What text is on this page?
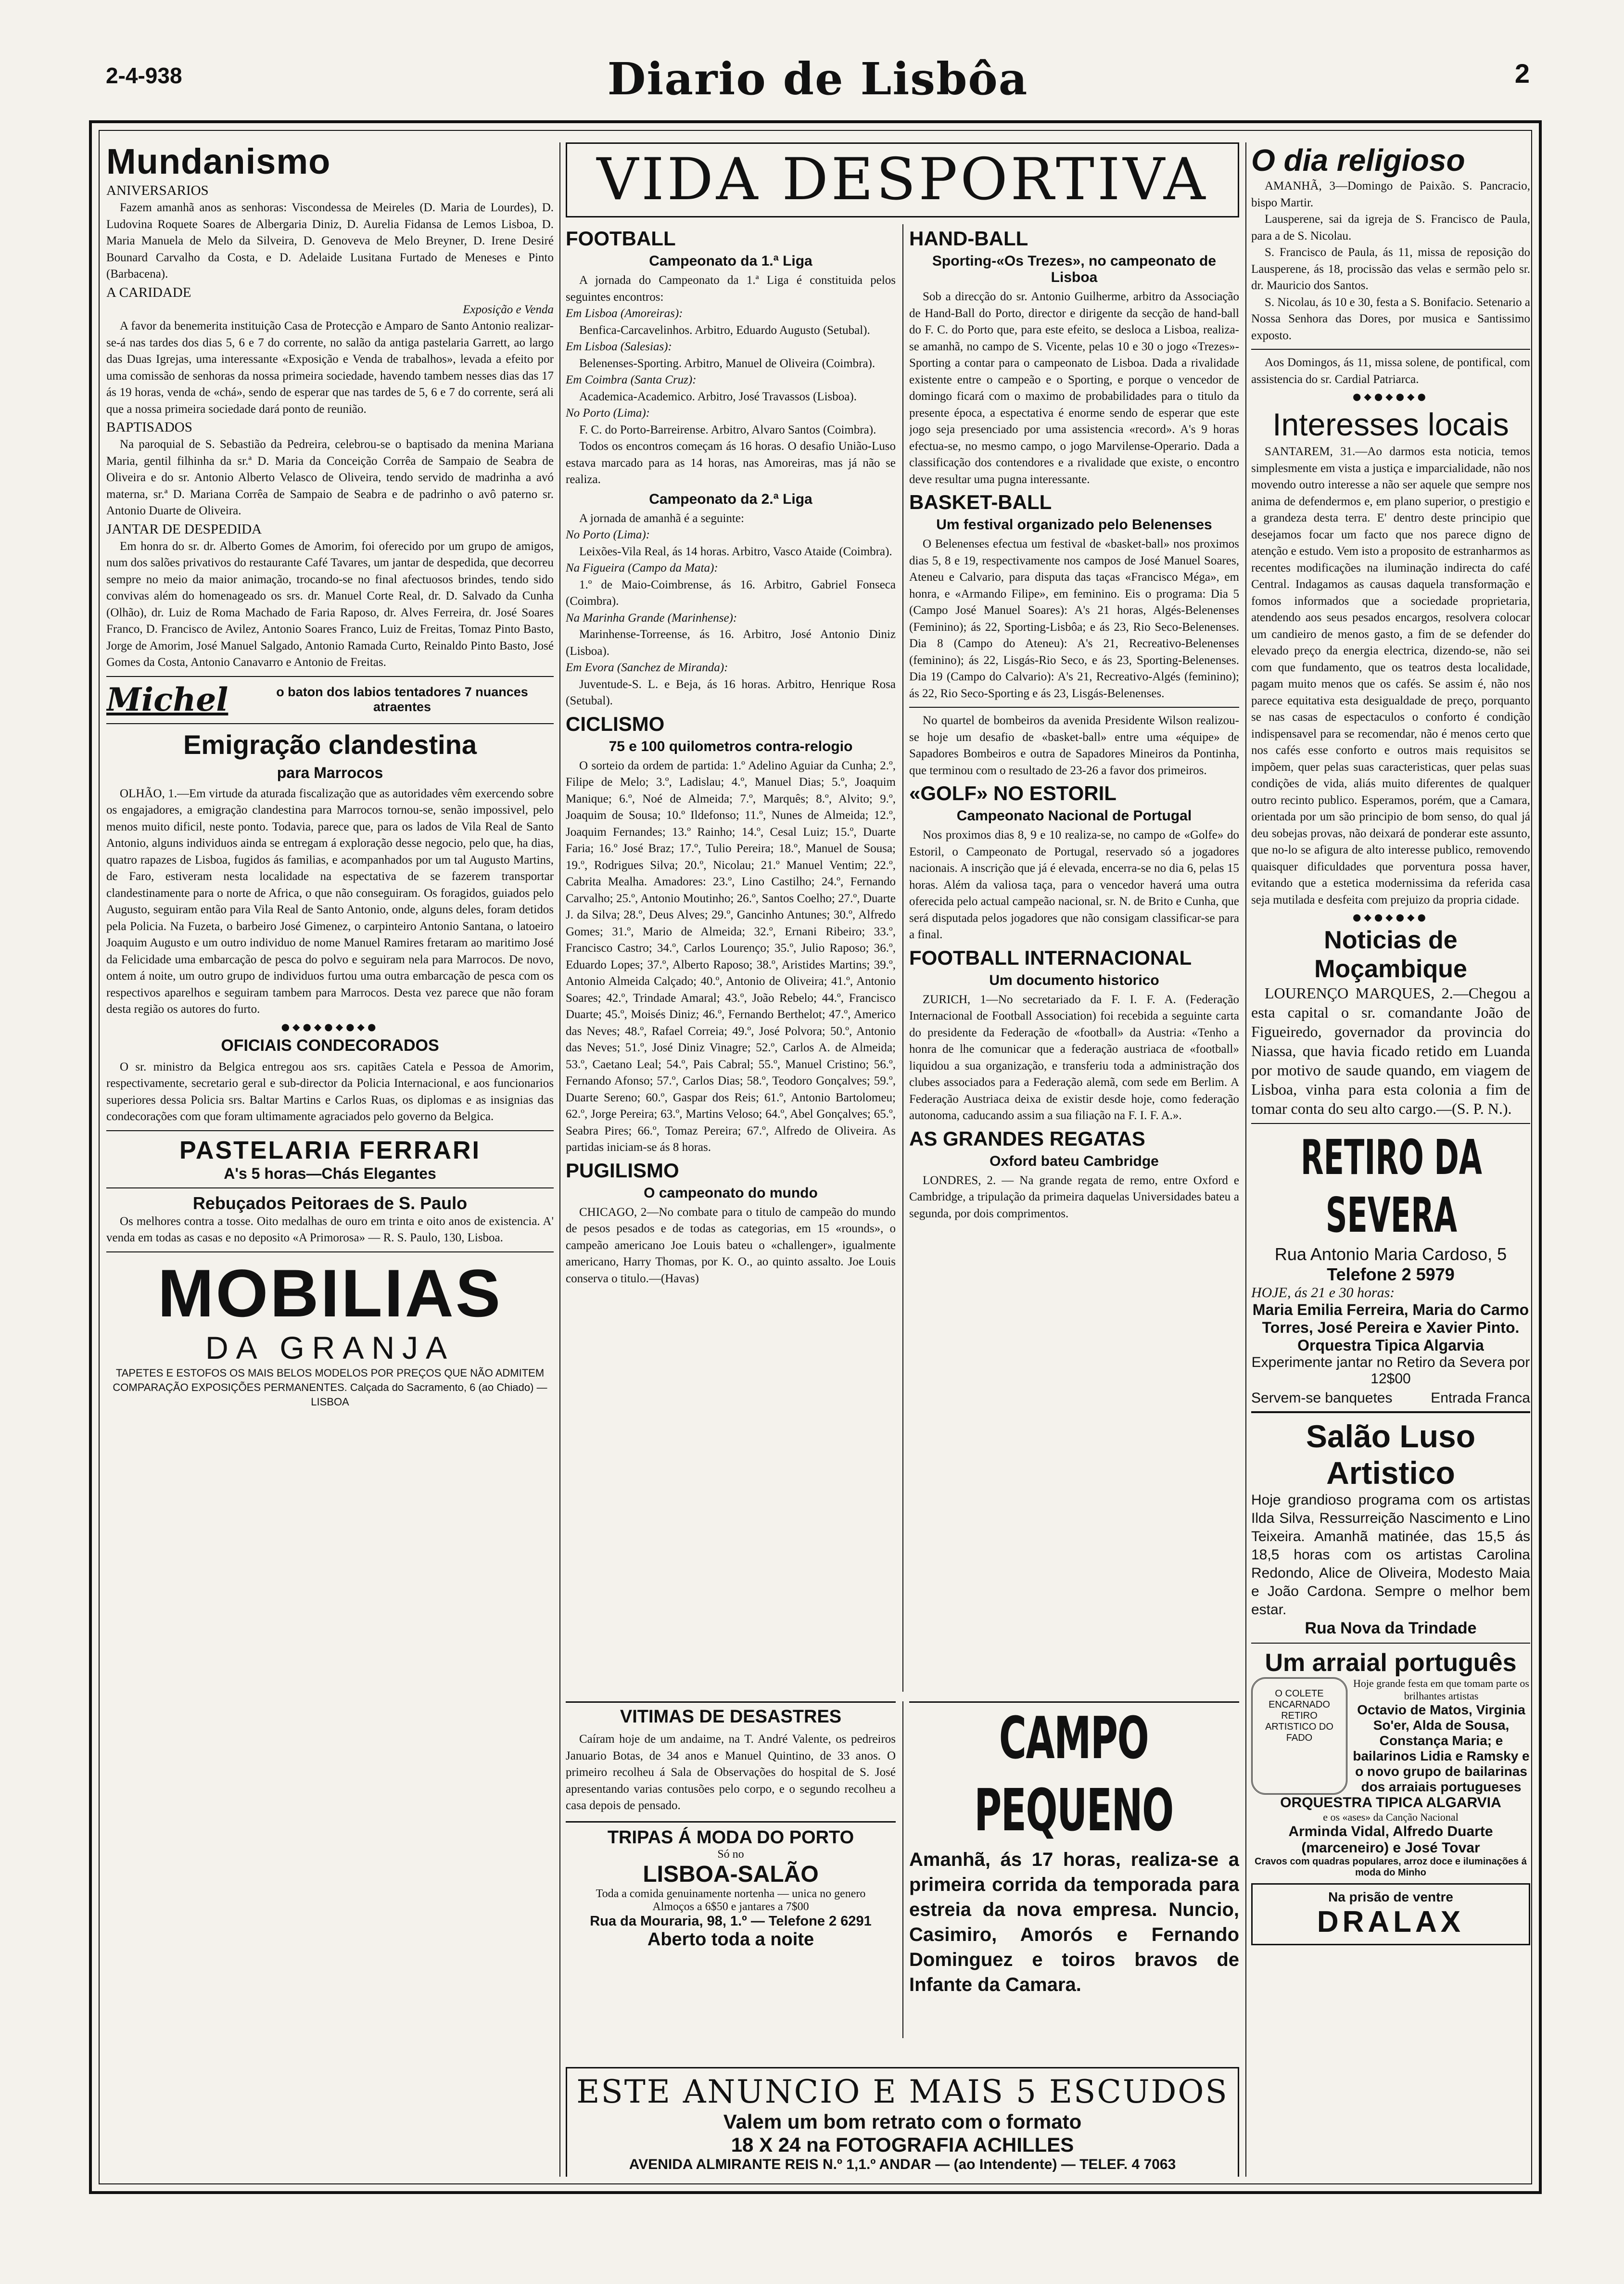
2-4-938	Diario de Lisbôa	2
Mundanismo
ANIVERSARIOS

Fazem amanhã anos as senhoras: Viscondessa de Meireles (D. Maria de Lourdes), D. Ludovina Roquete Soares de Albergaria Diniz, D. Aurelia Fidansa de Lemos Lisboa, D. Maria Manuela de Melo da Silveira, D. Genoveva de Melo Breyner, D. Irene Desiré Bounard Carvalho da Costa, e D. Adelaide Lusitana Furtado de Meneses e Pinto (Barbacena).

A CARIDADE
Exposição e Venda

A favor da benemerita instituição Casa de Protecção e Amparo de Santo Antonio realizar-se-á nas tardes dos dias 5, 6 e 7 do corrente, no salão da antiga pastelaria Garrett, ao largo das Duas Igrejas, uma interessante «Exposição e Venda de trabalhos», levada a efeito por uma comissão de senhoras da nossa primeira sociedade, havendo tambem nesses dias das 17 ás 19 horas, venda de «chá», sendo de esperar que nas tardes de 5, 6 e 7 do corrente, será ali que a nossa primeira sociedade dará ponto de reunião.

BAPTISADOS

Na paroquial de S. Sebastião da Pedreira, celebrou-se o baptisado da menina Mariana Maria, gentil filhinha da sr.ª D. Maria da Conceição Corrêa de Sampaio de Seabra de Oliveira e do sr. Antonio Alberto Velasco de Oliveira, tendo servido de madrinha a avó materna, sr.ª D. Mariana Corrêa de Sampaio de Seabra e de padrinho o avô paterno sr. Antonio Duarte de Oliveira.

JANTAR DE DESPEDIDA

Em honra do sr. dr. Alberto Gomes de Amorim, foi oferecido por um grupo de amigos, num dos salões privativos do restaurante Café Tavares, um jantar de despedida, que decorreu sempre no meio da maior animação, trocando-se no final afectuosos brindes, tendo sido convivas além do homenageado os srs. dr. Manuel Corte Real, dr. D. Salvado da Cunha (Olhão), dr. Luiz de Roma Machado de Faria Raposo, dr. Alves Ferreira, dr. José Soares Franco, D. Francisco de Avilez, Antonio Soares Franco, Luiz de Freitas, Tomaz Pinto Basto, Jorge de Amorim, José Manuel Salgado, Antonio Ramada Curto, Reinaldo Pinto Basto, José Gomes da Costa, Antonio Canavarro e Antonio de Freitas.

Michel	o baton dos labios tentadores 7 nuances atraentes
Emigração clandestina
para Marrocos

OLHÃO, 1.—Em virtude da aturada fiscalização que as autoridades vêm exercendo sobre os engajadores, a emigração clandestina para Marrocos tornou-se, senão impossivel, pelo menos muito dificil, neste ponto. Todavia, parece que, para os lados de Vila Real de Santo Antonio, alguns individuos ainda se entregam á exploração desse negocio, pelo que, ha dias, quatro rapazes de Lisboa, fugidos ás familias, e acompanhados por um tal Augusto Martins, de Faro, estiveram nesta localidade na espectativa de se fazerem transportar clandestinamente para o norte de Africa, o que não conseguiram. Os foragidos, guiados pelo Augusto, seguiram então para Vila Real de Santo Antonio, onde, alguns deles, foram detidos pela Policia. Na Fuzeta, o barbeiro José Gimenez, o carpinteiro Antonio Santana, o latoeiro Joaquim Augusto e um outro individuo de nome Manuel Ramires fretaram ao maritimo José da Felicidade uma embarcação de pesca do polvo e seguiram nela para Marrocos. De novo, ontem á noite, um outro grupo de individuos furtou uma outra embarcação de pesca com os respectivos aparelhos e seguiram tambem para Marrocos. Desta vez parece que não foram desta região os autores do furto.

●◆●◆●◆●◆●
OFICIAIS CONDECORADOS

O sr. ministro da Belgica entregou aos srs. capitães Catela e Pessoa de Amorim, respectivamente, secretario geral e sub-director da Policia Internacional, e aos funcionarios superiores dessa Policia srs. Baltar Martins e Carlos Ruas, os diplomas e as insignias das condecorações com que foram ultimamente agraciados pelo governo da Belgica.

PASTELARIA FERRARI
A's 5 horas—Chás Elegantes
Rebuçados Peitoraes de S. Paulo

Os melhores contra a tosse. Oito medalhas de ouro em trinta e oito anos de existencia. A' venda em todas as casas e no deposito «A Primorosa» — R. S. Paulo, 130, Lisboa.

MOBILIAS
DA GRANJA
TAPETES E ESTOFOS OS MAIS BELOS MODELOS POR PREÇOS QUE NÃO ADMITEM COMPARAÇÃO EXPOSIÇÕES PERMANENTES. Calçada do Sacramento, 6 (ao Chiado) — LISBOA
VIDA DESPORTIVA
FOOTBALL
Campeonato da 1.ª Liga

A jornada do Campeonato da 1.ª Liga é constituida pelos seguintes encontros:

Em Lisboa (Amoreiras):

Benfica-Carcavelinhos. Arbitro, Eduardo Augusto (Setubal).

Em Lisboa (Salesias):

Belenenses-Sporting. Arbitro, Manuel de Oliveira (Coimbra).

Em Coimbra (Santa Cruz):

Academica-Academico. Arbitro, José Travassos (Lisboa).

No Porto (Lima):

F. C. do Porto-Barreirense. Arbitro, Alvaro Santos (Coimbra).

Todos os encontros começam ás 16 horas. O desafio União-Luso estava marcado para as 14 horas, nas Amoreiras, mas já não se realiza.

Campeonato da 2.ª Liga

A jornada de amanhã é a seguinte:

No Porto (Lima):

Leixões-Vila Real, ás 14 horas. Arbitro, Vasco Ataide (Coimbra).

Na Figueira (Campo da Mata):

1.º de Maio-Coimbrense, ás 16. Arbitro, Gabriel Fonseca (Coimbra).

Na Marinha Grande (Marinhense):

Marinhense-Torreense, ás 16. Arbitro, José Antonio Diniz (Lisboa).

Em Evora (Sanchez de Miranda):

Juventude-S. L. e Beja, ás 16 horas. Arbitro, Henrique Rosa (Setubal).

CICLISMO
75 e 100 quilometros contra-relogio

O sorteio da ordem de partida: 1.º Adelino Aguiar da Cunha; 2.º, Filipe de Melo; 3.º, Ladislau; 4.º, Manuel Dias; 5.º, Joaquim Manique; 6.º, Noé de Almeida; 7.º, Marquês; 8.º, Alvito; 9.º, Joaquim de Sousa; 10.º Ildefonso; 11.º, Nunes de Almeida; 12.º, Joaquim Fernandes; 13.º Rainho; 14.º, Cesal Luiz; 15.º, Duarte Faria; 16.º José Braz; 17.º, Tulio Pereira; 18.º, Manuel de Sousa; 19.º, Rodrigues Silva; 20.º, Nicolau; 21.º Manuel Ventim; 22.º, Cabrita Mealha. Amadores: 23.º, Lino Castilho; 24.º, Fernando Carvalho; 25.º, Antonio Moutinho; 26.º, Santos Coelho; 27.º, Duarte J. da Silva; 28.º, Deus Alves; 29.º, Gancinho Antunes; 30.º, Alfredo Gomes; 31.º, Mario de Almeida; 32.º, Ernani Ribeiro; 33.º, Francisco Castro; 34.º, Carlos Lourenço; 35.º, Julio Raposo; 36.º, Eduardo Lopes; 37.º, Alberto Raposo; 38.º, Aristides Martins; 39.º, Antonio Almeida Calçado; 40.º, Antonio de Oliveira; 41.º, Antonio Soares; 42.º, Trindade Amaral; 43.º, João Rebelo; 44.º, Francisco Duarte; 45.º, Moisés Diniz; 46.º, Fernando Berthelot; 47.º, Americo das Neves; 48.º, Rafael Correia; 49.º, José Polvora; 50.º, Antonio das Neves; 51.º, José Diniz Vinagre; 52.º, Carlos A. de Almeida; 53.º, Caetano Leal; 54.º, Pais Cabral; 55.º, Manuel Cristino; 56.º, Fernando Afonso; 57.º, Carlos Dias; 58.º, Teodoro Gonçalves; 59.º, Duarte Sereno; 60.º, Gaspar dos Reis; 61.º, Antonio Bartolomeu; 62.º, Jorge Pereira; 63.º, Martins Veloso; 64.º, Abel Gonçalves; 65.º, Seabra Pires; 66.º, Tomaz Pereira; 67.º, Alfredo de Oliveira. As partidas iniciam-se ás 8 horas.

PUGILISMO
O campeonato do mundo

CHICAGO, 2—No combate para o titulo de campeão do mundo de pesos pesados e de todas as categorias, em 15 «rounds», o campeão americano Joe Louis bateu o «challenger», igualmente americano, Harry Thomas, por K. O., ao quinto assalto. Joe Louis conserva o titulo.—(Havas)

HAND-BALL
Sporting-«Os Trezes», no campeonato de Lisboa

Sob a direcção do sr. Antonio Guilherme, arbitro da Associação de Hand-Ball do Porto, director e dirigente da secção de hand-ball do F. C. do Porto que, para este efeito, se desloca a Lisboa, realiza-se amanhã, no campo de S. Vicente, pelas 10 e 30 o jogo «Trezes»-Sporting a contar para o campeonato de Lisboa. Dada a rivalidade existente entre o campeão e o Sporting, e porque o vencedor de domingo ficará com o maximo de probabilidades para o titulo da presente época, a espectativa é enorme sendo de esperar que este jogo seja presenciado por uma assistencia «record». A's 9 horas efectua-se, no mesmo campo, o jogo Marvilense-Operario. Dada a classificação dos contendores e a rivalidade que existe, o encontro deve resultar uma pugna interessante.

BASKET-BALL
Um festival organizado pelo Belenenses

O Belenenses efectua um festival de «basket-ball» nos proximos dias 5, 8 e 19, respectivamente nos campos de José Manuel Soares, Ateneu e Calvario, para disputa das taças «Francisco Méga», em honra, e «Armando Filipe», em feminino. Eis o programa: Dia 5 (Campo José Manuel Soares): A's 21 horas, Algés-Belenenses (Feminino); ás 22, Sporting-Lisbôa; e ás 23, Rio Seco-Belenenses. Dia 8 (Campo do Ateneu): A's 21, Recreativo-Belenenses (feminino); ás 22, Lisgás-Rio Seco, e ás 23, Sporting-Belenenses. Dia 19 (Campo do Calvario): A's 21, Recreativo-Algés (feminino); ás 22, Rio Seco-Sporting e ás 23, Lisgás-Belenenses.

No quartel de bombeiros da avenida Presidente Wilson realizou-se hoje um desafio de «basket-ball» entre uma «équipe» de Sapadores Bombeiros e outra de Sapadores Mineiros da Pontinha, que terminou com o resultado de 23-26 a favor dos primeiros.

«GOLF» NO ESTORIL
Campeonato Nacional de Portugal

Nos proximos dias 8, 9 e 10 realiza-se, no campo de «Golfe» do Estoril, o Campeonato de Portugal, reservado só a jogadores nacionais. A inscrição que já é elevada, encerra-se no dia 6, pelas 15 horas. Além da valiosa taça, para o vencedor haverá uma outra oferecida pelo actual campeão nacional, sr. N. de Brito e Cunha, que será disputada pelos jogadores que não consigam classificar-se para a final.

FOOTBALL INTERNACIONAL
Um documento historico

ZURICH, 1—No secretariado da F. I. F. A. (Federação Internacional de Football Association) foi recebida a seguinte carta do presidente da Federação de «football» da Austria: «Tenho a honra de lhe comunicar que a federação austriaca de «football» liquidou a sua organização, e transferiu toda a administração dos clubes associados para a Federação alemã, com sede em Berlim. A Federação Austriaca deixa de existir desde hoje, como federação autonoma, caducando assim a sua filiação na F. I. F. A.».

AS GRANDES REGATAS
Oxford bateu Cambridge

LONDRES, 2. — Na grande regata de remo, entre Oxford e Cambridge, a tripulação da primeira daquelas Universidades bateu a segunda, por dois comprimentos.

VITIMAS DE DESASTRES

Caíram hoje de um andaime, na T. André Valente, os pedreiros Januario Botas, de 34 anos e Manuel Quintino, de 33 anos. O primeiro recolheu á Sala de Observações do hospital de S. José apresentando varias contusões pelo corpo, e o segundo recolheu a casa depois de pensado.

TRIPAS Á MODA DO PORTO
Só no
LISBOA-SALÃO
Toda a comida genuinamente nortenha — unica no genero
Almoços a 6$50 e jantares a 7$00
Rua da Mouraria, 98, 1.º — Telefone 2 6291
Aberto toda a noite
CAMPO PEQUENO
Amanhã, ás 17 horas, realiza-se a primeira corrida da temporada para estreia da nova empresa. Nuncio, Casimiro, Amorós e Fernando Dominguez e toiros bravos de Infante da Camara.
ESTE ANUNCIO E MAIS 5 ESCUDOS
Valem um bom retrato com o formato
18 X 24 na FOTOGRAFIA ACHILLES
AVENIDA ALMIRANTE REIS N.º 1,1.º ANDAR — (ao Intendente) — TELEF. 4 7063
O dia religioso

AMANHÃ, 3—Domingo de Paixão. S. Pancracio, bispo Martir.

Lausperene, sai da igreja de S. Francisco de Paula, para a de S. Nicolau.

S. Francisco de Paula, ás 11, missa de reposição do Lausperene, ás 18, procissão das velas e sermão pelo sr. dr. Mauricio dos Santos.

S. Nicolau, ás 10 e 30, festa a S. Bonifacio. Setenario a Nossa Senhora das Dores, por musica e Santissimo exposto.

Aos Domingos, ás 11, missa solene, de pontifical, com assistencia do sr. Cardial Patriarca.

●◆●◆●◆●
Interesses locais

SANTAREM, 31.—Ao darmos esta noticia, temos simplesmente em vista a justiça e imparcialidade, não nos movendo outro interesse a não ser aquele que sempre nos anima de defendermos e, em plano superior, o prestigio e a grandeza desta terra. E' dentro deste principio que desejamos focar um facto que nos parece digno de atenção e estudo. Vem isto a proposito de estranharmos as recentes modificações na iluminação indirecta do café Central. Indagamos as causas daquela transformação e fomos informados que a sociedade proprietaria, atendendo aos seus pesados encargos, resolvera colocar um candieiro de menos gasto, a fim de se defender do elevado preço da energia electrica, dizendo-se, não sei com que fundamento, que os teatros desta localidade, pagam muito menos que os cafés. Se assim é, não nos parece equitativa esta desigualdade de preço, porquanto se nas casas de espectaculos o conforto é condição indispensavel para se recomendar, não é menos certo que nos cafés esse conforto e outros mais requisitos se impõem, quer pelas suas caracteristicas, quer pelas suas condições de vida, aliás muito diferentes de qualquer outro recinto publico. Esperamos, porém, que a Camara, orientada por um são principio de bom senso, do qual já deu sobejas provas, não deixará de ponderar este assunto, que no-lo se afigura de alto interesse publico, removendo quaisquer dificuldades que porventura possa haver, evitando que a estetica modernissima da referida casa seja mutilada e desfeita com prejuizo da propria cidade.

●◆●◆●◆●
Noticias de Moçambique

LOURENÇO MARQUES, 2.—Chegou a esta capital o sr. comandante João de Figueiredo, governador da provincia do Niassa, que havia ficado retido em Luanda por motivo de saude quando, em viagem de Lisboa, vinha para esta colonia a fim de tomar conta do seu alto cargo.—(S. P. N.).

RETIRO DA SEVERA
Rua Antonio Maria Cardoso, 5
Telefone 2 5979
HOJE, ás 21 e 30 horas:
Maria Emilia Ferreira, Maria do Carmo Torres, José Pereira e Xavier Pinto.
Orquestra Tipica Algarvia
Experimente jantar no Retiro da Severa por 12$00
Servem-se banquetes	Entrada Franca
Salão Luso Artistico

Hoje grandioso programa com os artistas Ilda Silva, Ressurreição Nascimento e Lino Teixeira. Amanhã matinée, das 15,5 ás 18,5 horas com os artistas Carolina Redondo, Alice de Oliveira, Modesto Maia e João Cardona. Sempre o melhor bem estar.

Rua Nova da Trindade
Um arraial português
O COLETE ENCARNADO RETIRO ARTISTICO DO FADO
Hoje grande festa em que tomam parte os brilhantes artistas
Octavio de Matos, Virginia So'er, Alda de Sousa, Constança Maria; e bailarinos Lidia e Ramsky e o novo grupo de bailarinas dos arraiais portugueses
ORQUESTRA TIPICA ALGARVIA
e os «ases» da Canção Nacional
Arminda Vidal, Alfredo Duarte
(marceneiro) e José Tovar
Cravos com quadras populares, arroz doce e iluminações á moda do Minho
Na prisão de ventre
DRALAX
